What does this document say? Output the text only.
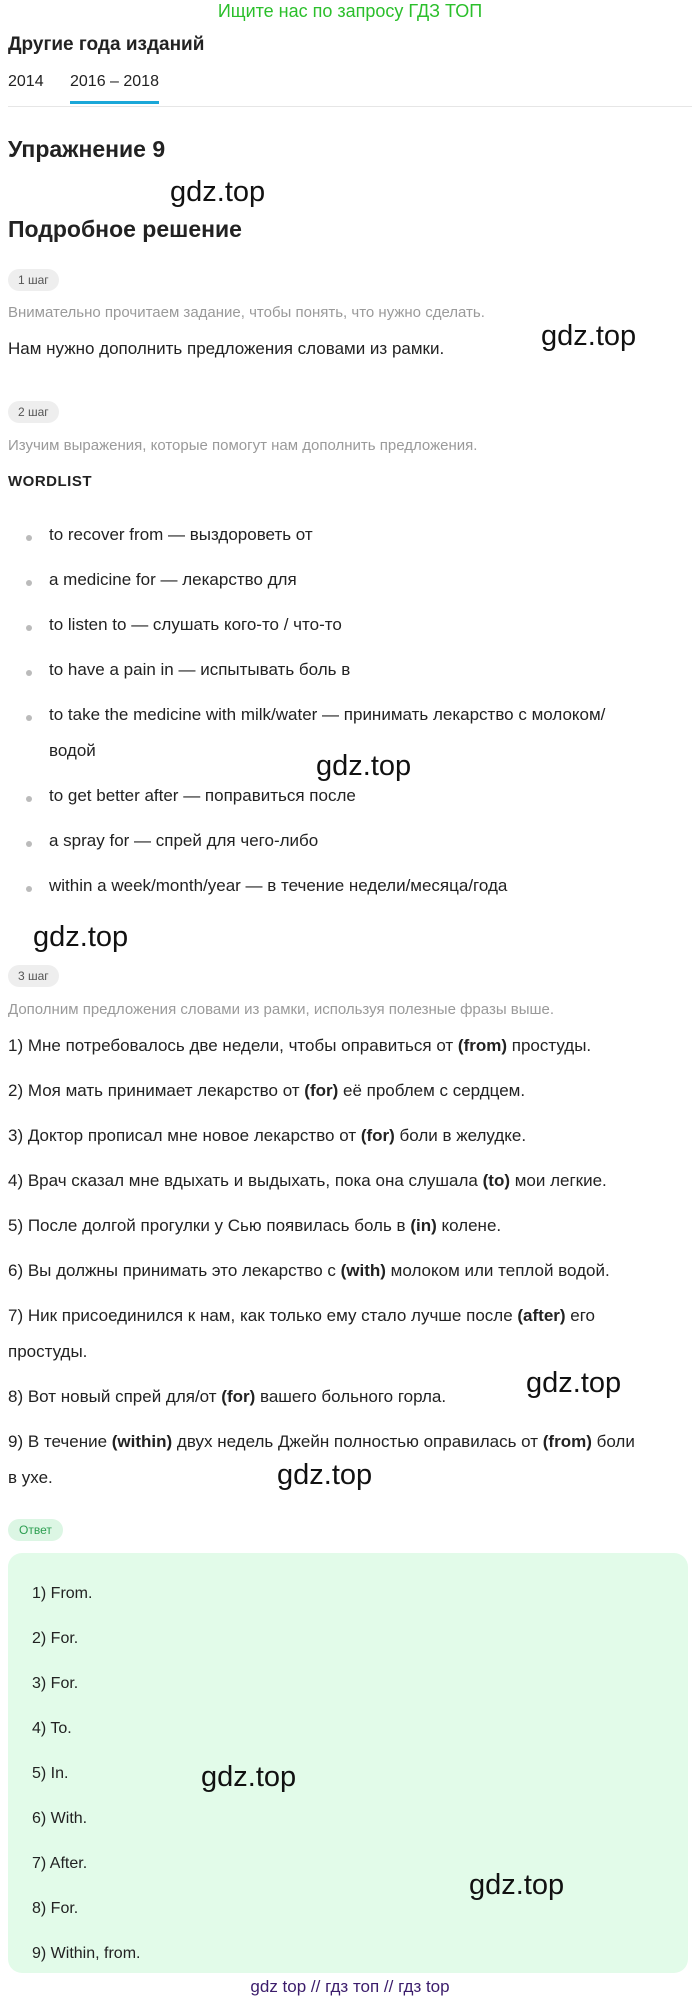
Ищите нас по запросу ГДЗ ТОП
Другие года изданий
2014 2016 – 2018
Упражнение 9
gdz.top
Подробное решение
1 шаг
Внимательно прочитаем задание, чтобы понять, что нужно сделать.
Нам нужно дополнить предложения словами из рамки.	gdz.top
2 шаг
Изучим выражения, которые помогут нам дополнить предложения.
WORDLIST
to recover from — выздороветь от
a medicine for — лекарство для
to listen to — слушать кого-то / что-то
to have a pain in — испытывать боль в
to take the medicine with milk/water — принимать лекарство с молоком/
водой	gdz.top
to get better after — поправиться после
a spray for — спрей для чего-либо
within a week/month/year — в течение недели/месяца/года
gdz.top
3 шаг
Дополним предложения словами из рамки, используя полезные фразы выше.
1) Мне потребовалось две недели, чтобы оправиться от (from) простуды.
2) Моя мать принимает лекарство от (for) её проблем с сердцем.
3) Доктор прописал мне новое лекарство от (for) боли в желудке.
4) Врач сказал мне вдыхать и выдыхать, пока она слушала (to) мои легкие.
5) После долгой прогулки у Сью появилась боль в (in) колене.
6) Вы должны принимать это лекарство с (with) молоком или теплой водой.
7) Ник присоединился к нам, как только ему стало лучше после (after) его
простуды.
8) Вот новый спрей для/от (for) вашего больного горла.	gdz.top
9) В течение (within) двух недель Джейн полностью оправилась от (from) боли
в ухе.	gdz.top
Ответ
1) From.
2) For.
3) For.
4) To.
5) In.
6) With.
7) After.
8) For.
9) Within, from.
gdz.top
gdz.top
gdz top // гдз топ // гдз top
